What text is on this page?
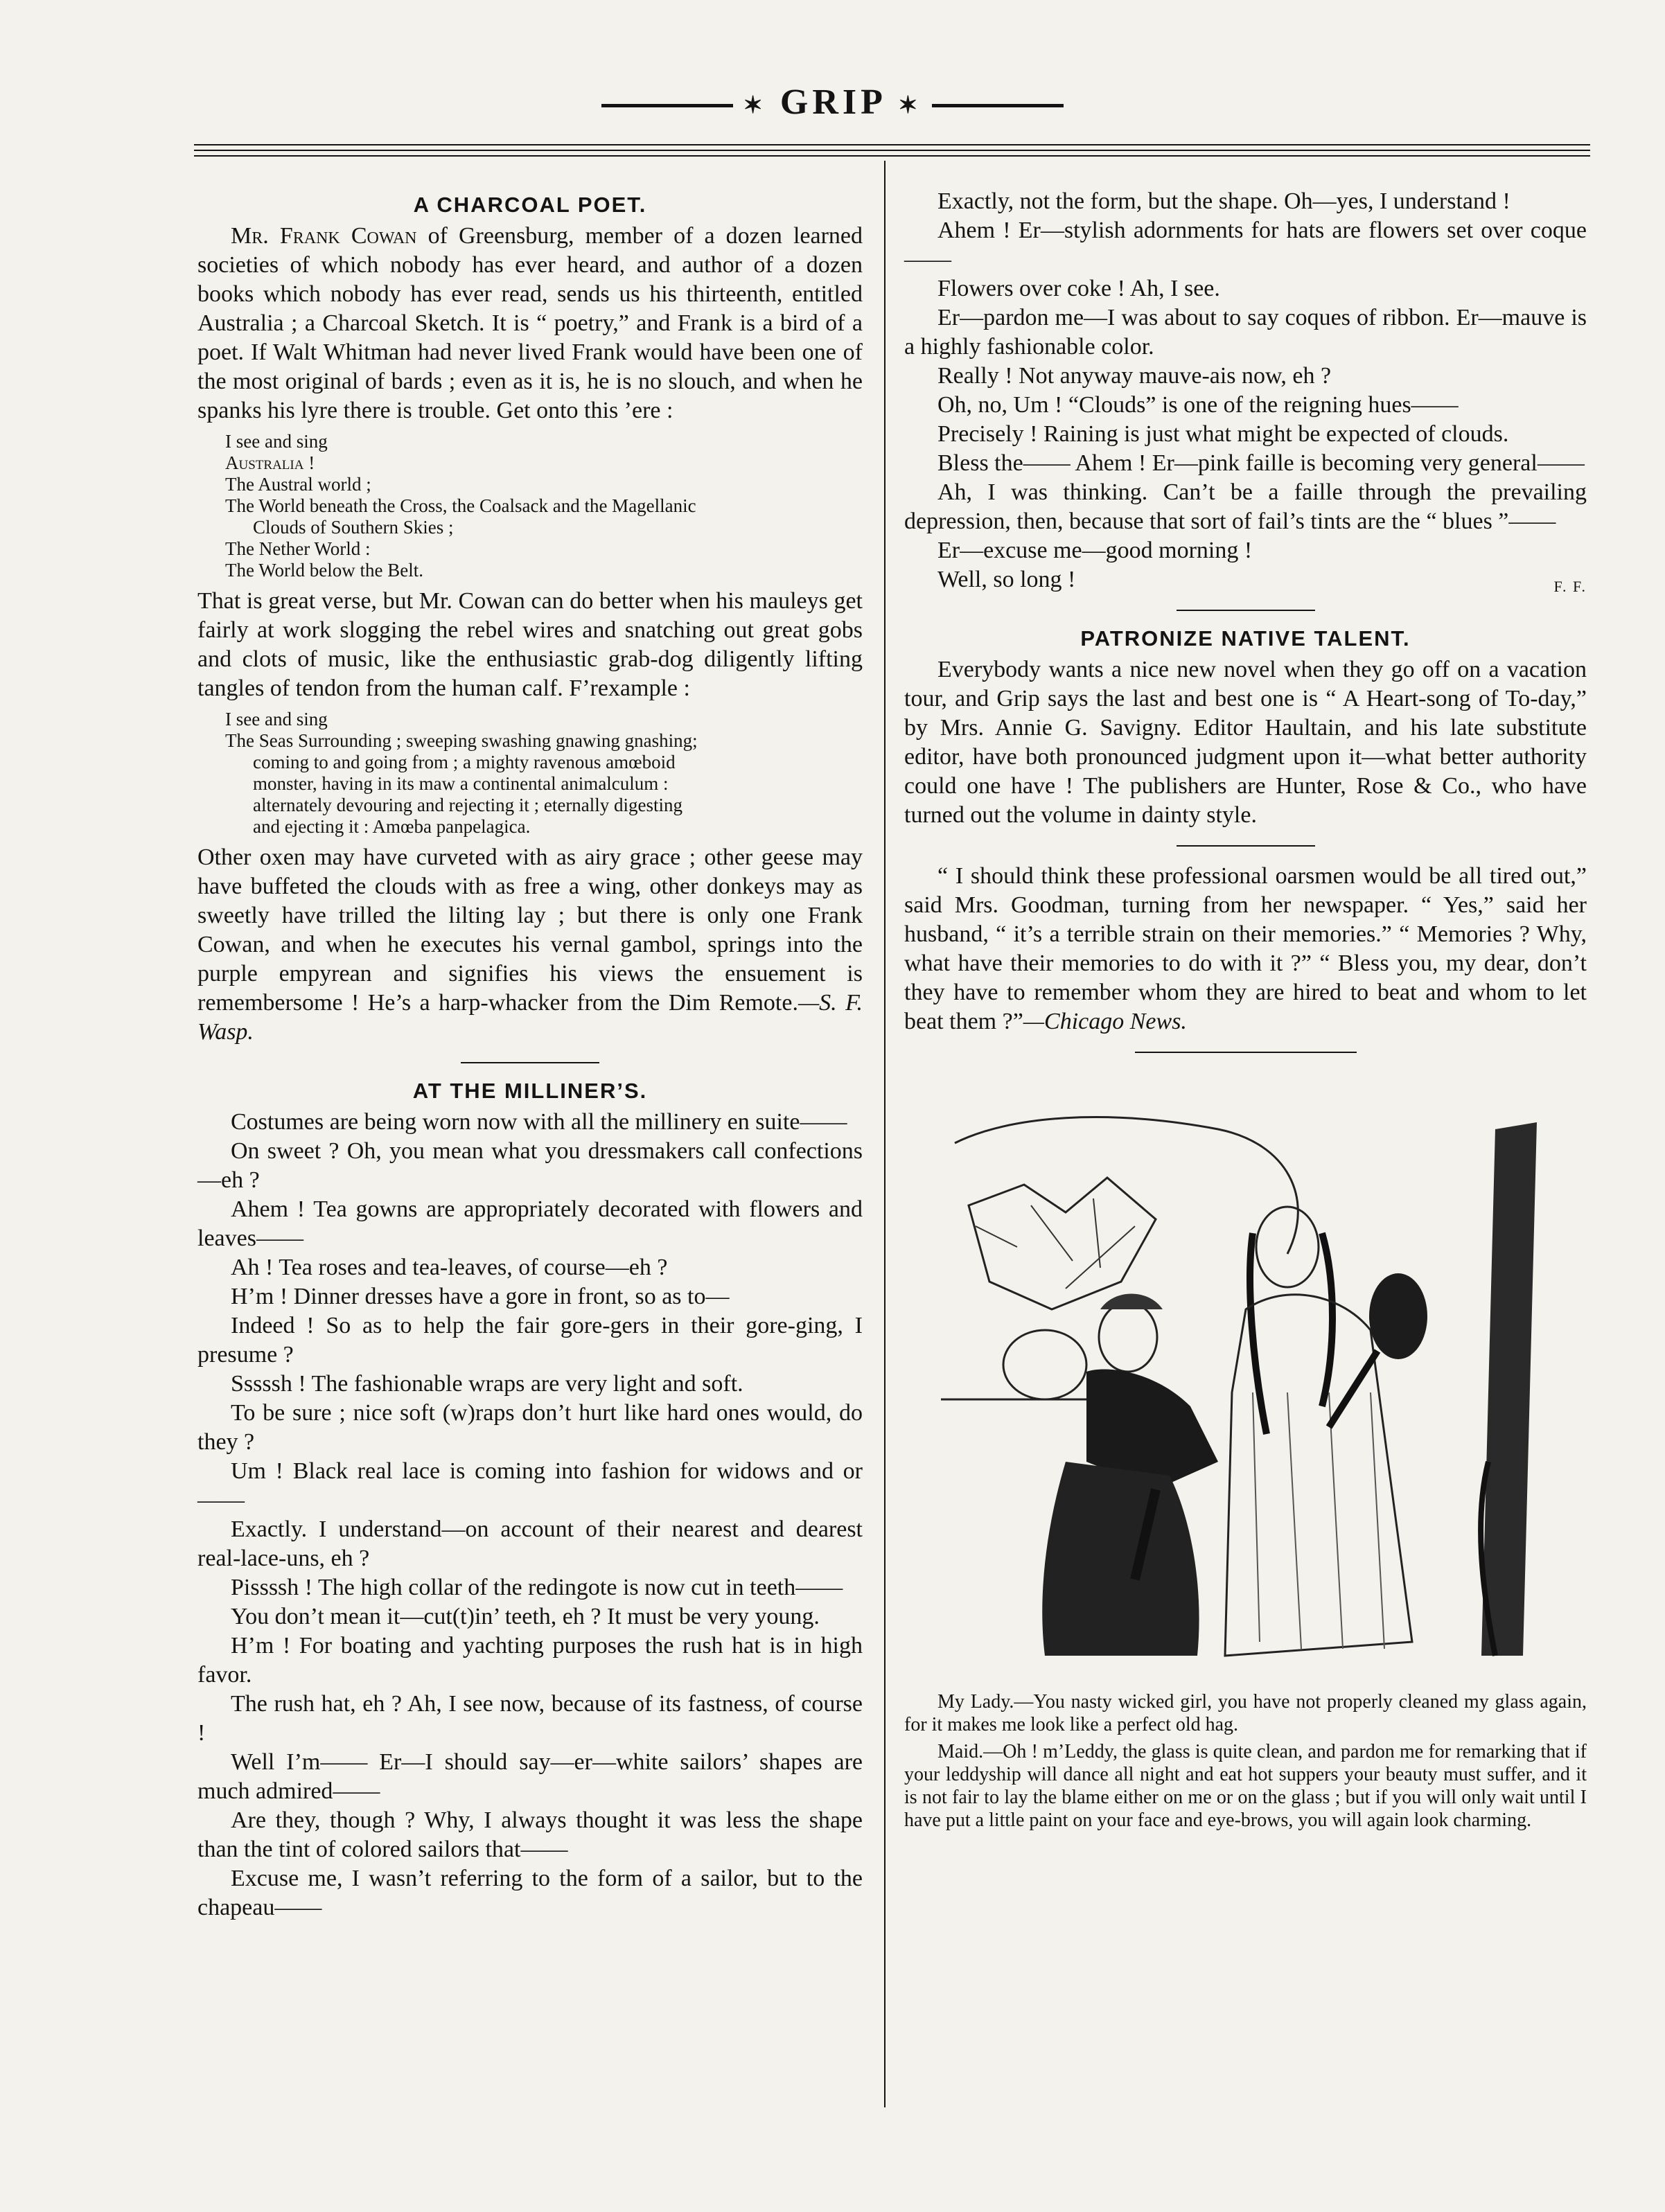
✶ GRIP ✶
A CHARCOAL POET.

Mr. Frank Cowan of Greensburg, member of a dozen learned societies of which nobody has ever heard, and author of a dozen books which nobody has ever read, sends us his thirteenth, entitled Australia ; a Charcoal Sketch. It is “ poetry,” and Frank is a bird of a poet. If Walt Whitman had never lived Frank would have been one of the most original of bards ; even as it is, he is no slouch, and when he spanks his lyre there is trouble. Get onto this ’ere :

I see and sing
Australia !
The Austral world ;
The World beneath the Cross, the Coalsack and the Magellanic
Clouds of Southern Skies ;
The Nether World :
The World below the Belt.

That is great verse, but Mr. Cowan can do better when his mauleys get fairly at work slogging the rebel wires and snatching out great gobs and clots of music, like the enthusiastic grab-dog diligently lifting tangles of tendon from the human calf. F’rexample :

I see and sing
The Seas Surrounding ; sweeping swashing gnawing gnashing;
coming to and going from ; a mighty ravenous amœboid
monster, having in its maw a continental animalculum :
alternately devouring and rejecting it ; eternally digesting
and ejecting it : Amœba panpelagica.

Other oxen may have curveted with as airy grace ; other geese may have buffeted the clouds with as free a wing, other donkeys may as sweetly have trilled the lilting lay ; but there is only one Frank Cowan, and when he executes his vernal gambol, springs into the purple empyrean and signifies his views the ensuement is remembersome ! He’s a harp-whacker from the Dim Remote.—S. F. Wasp.

AT THE MILLINER’S.

Costumes are being worn now with all the millinery en suite——

On sweet ? Oh, you mean what you dressmakers call confections—eh ?

Ahem ! Tea gowns are appropriately decorated with flowers and leaves——

Ah ! Tea roses and tea-leaves, of course—eh ?

H’m ! Dinner dresses have a gore in front, so as to—

Indeed ! So as to help the fair gore-gers in their gore-ging, I presume ?

Sssssh ! The fashionable wraps are very light and soft.

To be sure ; nice soft (w)raps don’t hurt like hard ones would, do they ?

Um ! Black real lace is coming into fashion for widows and or——

Exactly. I understand—on account of their nearest and dearest real-lace-uns, eh ?

Pissssh ! The high collar of the redingote is now cut in teeth——

You don’t mean it—cut(t)in’ teeth, eh ? It must be very young.

H’m ! For boating and yachting purposes the rush hat is in high favor.

The rush hat, eh ? Ah, I see now, because of its fastness, of course !

Well I’m—— Er—I should say—er—white sailors’ shapes are much admired——

Are they, though ? Why, I always thought it was less the shape than the tint of colored sailors that——

Excuse me, I wasn’t referring to the form of a sailor, but to the chapeau——

Exactly, not the form, but the shape. Oh—yes, I understand !

Ahem ! Er—stylish adornments for hats are flowers set over coque——

Flowers over coke ! Ah, I see.

Er—pardon me—I was about to say coques of ribbon. Er—mauve is a highly fashionable color.

Really ! Not anyway mauve-ais now, eh ?

Oh, no, Um ! “Clouds” is one of the reigning hues——

Precisely ! Raining is just what might be expected of clouds.

Bless the—— Ahem ! Er—pink faille is becoming very general——

Ah, I was thinking. Can’t be a faille through the prevailing depression, then, because that sort of fail’s tints are the “ blues ”——

Er—excuse me—good morning !

Well, so long !	F. F.

PATRONIZE NATIVE TALENT.

Everybody wants a nice new novel when they go off on a vacation tour, and Grip says the last and best one is “ A Heart-song of To-day,” by Mrs. Annie G. Savigny. Editor Haultain, and his late substitute editor, have both pronounced judgment upon it—what better authority could one have ! The publishers are Hunter, Rose & Co., who have turned out the volume in dainty style.

“ I should think these professional oarsmen would be all tired out,” said Mrs. Goodman, turning from her newspaper. “ Yes,” said her husband, “ it’s a terrible strain on their memories.” “ Memories ? Why, what have their memories to do with it ?” “ Bless you, my dear, don’t they have to remember whom they are hired to beat and whom to let beat them ?”—Chicago News.

My Lady.—You nasty wicked girl, you have not properly cleaned my glass again, for it makes me look like a perfect old hag.

Maid.—Oh ! m’Leddy, the glass is quite clean, and pardon me for remarking that if your leddyship will dance all night and eat hot suppers your beauty must suffer, and it is not fair to lay the blame either on me or on the glass ; but if you will only wait until I have put a little paint on your face and eye-brows, you will again look charming.
